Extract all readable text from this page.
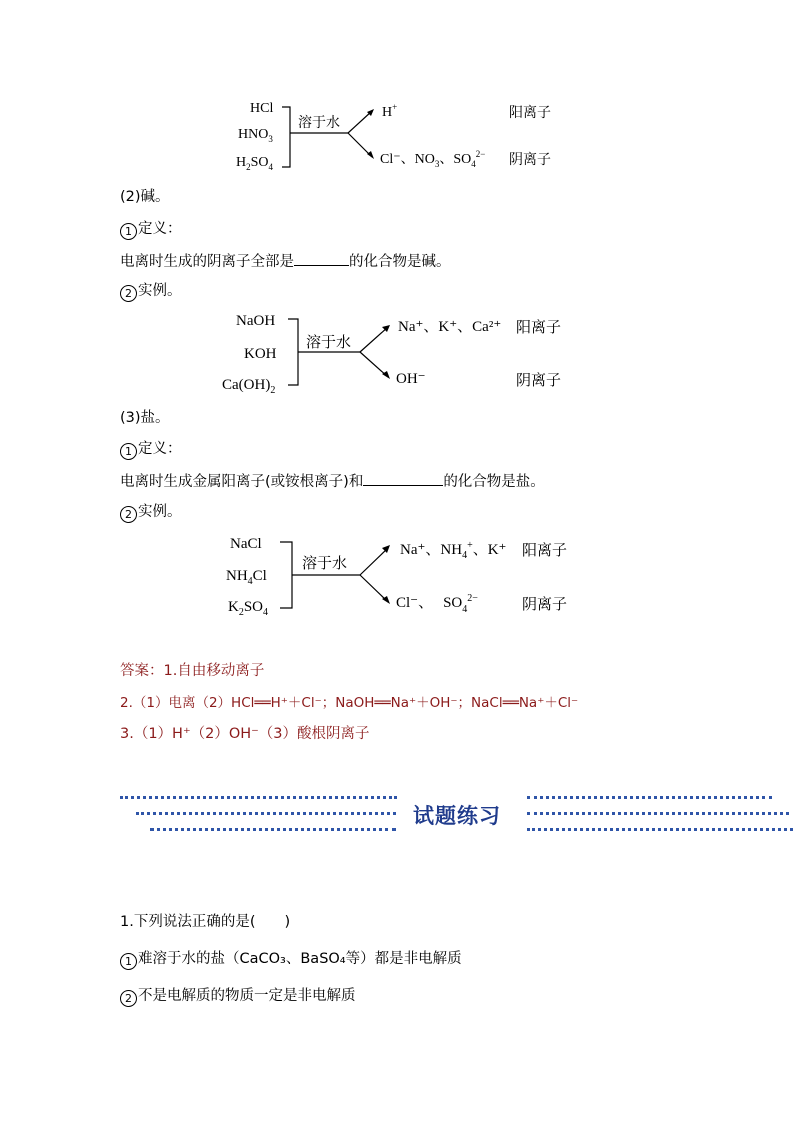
HCl
$HNO_3$
$H_2SO_4$
溶于水
H+
Cl⁻、$NO_3$、$SO_4^{2-}$
阳离子
阴离子
(2)碱。
1 定义：
电离时生成的阴离子全部是	的化合物是碱。
2 实例。
NaOH
KOH
$Ca(OH)_2$
溶于水
Na⁺、K⁺、Ca²⁺
OH⁻
阳离子
阴离子
(3)盐。
1 定义：
电离时生成金属阳离子(或铵根离子)和	的化合物是盐。
2 实例。
NaCl
$NH_4Cl$
$K_2SO_4$
溶于水
Na⁺、$NH_4^+$、K⁺
Cl⁻、 $SO_4^{2-}$
阳离子
阴离子
答案：1.自由移动离子
2.（1）电离（2）HCl══H⁺＋Cl⁻；NaOH══Na⁺＋OH⁻；NaCl══Na⁺＋Cl⁻
3.（1）H⁺（2）OH⁻（3）酸根阴离子
试题练习
1.下列说法正确的是(　　)
1 难溶于水的盐（CaCO₃、BaSO₄等）都是非电解质
2 不是电解质的物质一定是非电解质
